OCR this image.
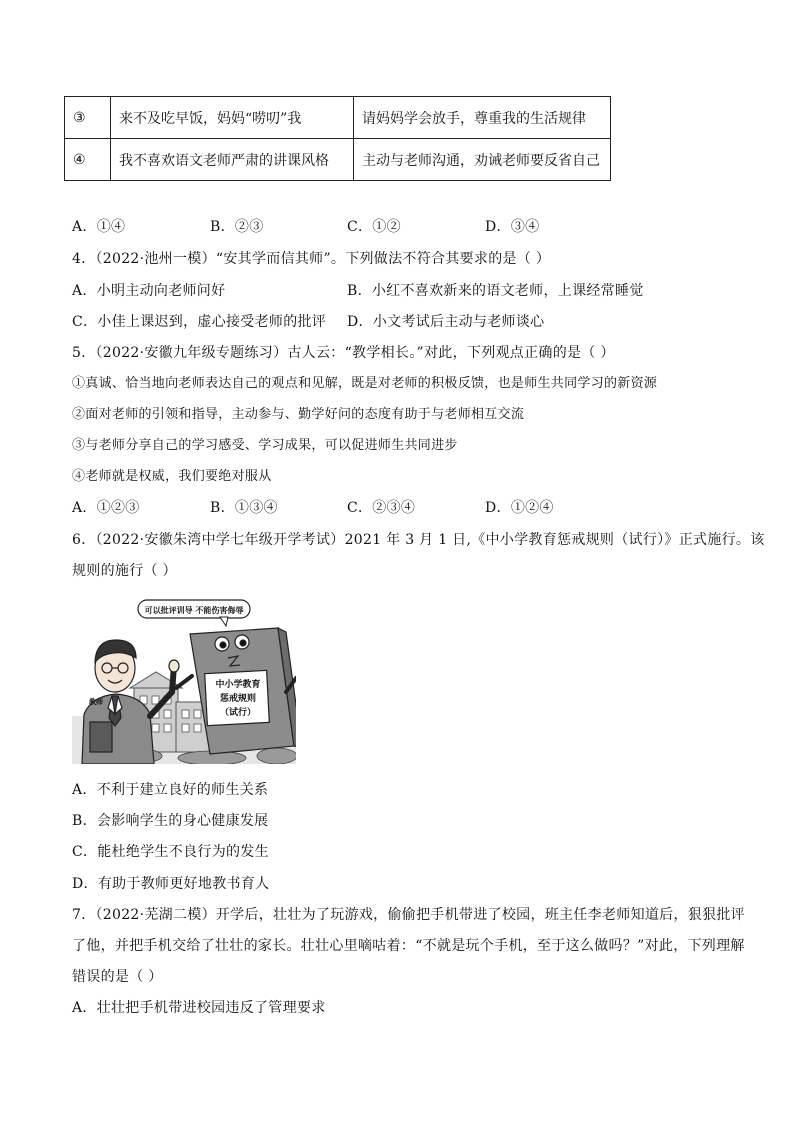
③	来不及吃早饭，妈妈“唠叨”我	请妈妈学会放手，尊重我的生活规律
④	我不喜欢语文老师严肃的讲课风格	主动与老师沟通，劝诫老师要反省自己
A．①④	B．②③	C．①②	D．③④
4．（2022·池州一模）“安其学而信其师”。下列做法不符合其要求的是（ ）
A．小明主动向老师问好	B．小红不喜欢新来的语文老师，上课经常睡觉
C．小佳上课迟到，虚心接受老师的批评 D．小文考试后主动与老师谈心
5．（2022·安徽九年级专题练习）古人云：“教学相长。”对此，下列观点正确的是（ ）
①真诚、恰当地向老师表达自己的观点和见解，既是对老师的积极反馈，也是师生共同学习的新资源
②面对老师的引领和指导，主动参与、勤学好问的态度有助于与老师相互交流
③与老师分享自己的学习感受、学习成果，可以促进师生共同进步
④老师就是权威，我们要绝对服从
A．①②③	B．①③④	C．②③④	D．①②④
6．（2022·安徽朱湾中学七年级开学考试）2021 年 3 月 1 日,《中小学教育惩戒规则（试行）》正式施行。该
规则的施行（ ）
教师
可以批评训导 不能伤害侮辱
中小学教育
惩戒规则
（试行）
A．不利于建立良好的师生关系
B．会影响学生的身心健康发展
C．能杜绝学生不良行为的发生
D．有助于教师更好地教书育人
7．（2022·芜湖二模）开学后，壮壮为了玩游戏，偷偷把手机带进了校园，班主任李老师知道后，狠狠批评
了他，并把手机交给了壮壮的家长。壮壮心里嘀咕着：“不就是玩个手机，至于这么做吗？”对此，下列理解
错误的是（ ）
A．壮壮把手机带进校园违反了管理要求
